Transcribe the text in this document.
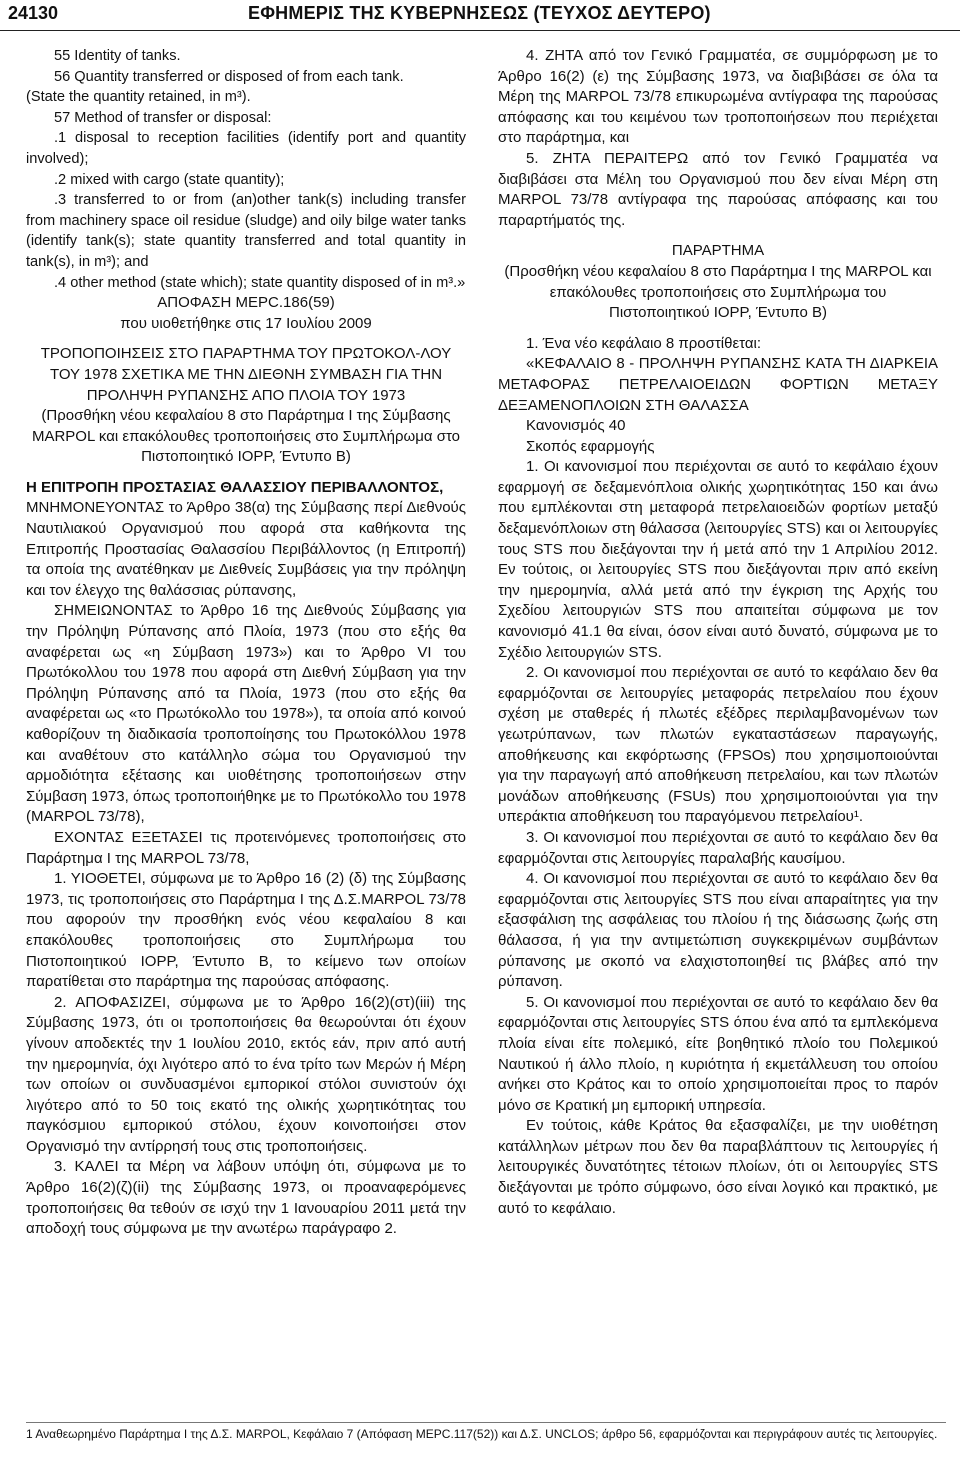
24130	ΕΦΗΜΕΡΙΣ ΤΗΣ ΚΥΒΕΡΝΗΣΕΩΣ (ΤΕΥΧΟΣ ΔΕΥΤΕΡΟ)

55 Identity of tanks.

56 Quantity transferred or disposed of from each tank.

(State the quantity retained, in m³).

57 Method of transfer or disposal:

.1 disposal to reception facilities (identify port and quantity involved);

.2 mixed with cargo (state quantity);

.3 transferred to or from (an)other tank(s) including transfer from machinery space oil residue (sludge) and oily bilge water tanks (identify tank(s); state quantity transferred and total quantity in tank(s), in m³); and

.4 other method (state which); state quantity disposed of in m³.»

ΑΠΟΦΑΣΗ ΜΕΡC.186(59)

που υιοθετήθηκε στις 17 Ιουλίου 2009

ΤΡΟΠΟΠΟΙΗΣΕΙΣ ΣΤΟ ΠΑΡΑΡΤΗΜΑ ΤΟΥ ΠΡΩΤΟΚΟΛ-ΛΟΥ ΤΟΥ 1978 ΣΧΕΤΙΚΑ ΜΕ ΤΗΝ ΔΙΕΘΝΗ ΣΥΜΒΑΣΗ ΓΙΑ ΤΗΝ ΠΡΟΛΗΨΗ ΡΥΠΑΝΣΗΣ ΑΠΟ ΠΛΟΙΑ ΤΟΥ 1973

(Προσθήκη νέου κεφαλαίου 8 στο Παράρτημα Ι της Σύμβασης MARPOL και επακόλουθες τροποποιήσεις στο Συμπλήρωμα στο Πιστοποιητικό IOPP, Έντυπο Β)

Η ΕΠΙΤΡΟΠΗ ΠΡΟΣΤΑΣΙΑΣ ΘΑΛΑΣΣΙΟΥ ΠΕΡΙΒΑΛΛΟΝΤΟΣ,

ΜΝΗΜΟΝΕΥΟΝΤΑΣ το Άρθρο 38(α) της Σύμβασης περί Διεθνούς Ναυτιλιακού Οργανισμού που αφορά στα καθήκοντα της Επιτροπής Προστασίας Θαλασσίου Περιβάλλοντος (η Επιτροπή) τα οποία της ανατέθηκαν με Διεθνείς Συμβάσεις για την πρόληψη και τον έλεγχο της θαλάσσιας ρύπανσης,

ΣΗΜΕΙΩΝΟΝΤΑΣ το Άρθρο 16 της Διεθνούς Σύμβασης για την Πρόληψη Ρύπανσης από Πλοία, 1973 (που στο εξής θα αναφέρεται ως «η Σύμβαση 1973») και το Άρθρο VI του Πρωτόκολλου του 1978 που αφορά στη Διεθνή Σύμβαση για την Πρόληψη Ρύπανσης από τα Πλοία, 1973 (που στο εξής θα αναφέρεται ως «το Πρωτόκολλο του 1978»), τα οποία από κοινού καθορίζουν τη διαδικασία τροποποίησης του Πρωτοκόλλου 1978 και αναθέτουν στο κατάλληλο σώμα του Οργανισμού την αρμοδιότητα εξέτασης και υιοθέτησης τροποποιήσεων στην Σύμβαση 1973, όπως τροποποιήθηκε με το Πρωτόκολλο του 1978 (MARPOL 73/78),

ΕΧΟΝΤΑΣ ΕΞΕΤΑΣΕΙ τις προτεινόμενες τροποποιήσεις στο Παράρτημα Ι της MARPOL 73/78,

1. ΥΙΟΘΕΤΕΙ, σύμφωνα με το Άρθρο 16 (2) (δ) της Σύμβασης 1973, τις τροποποιήσεις στο Παράρτημα Ι της Δ.Σ.MARPOL 73/78 που αφορούν την προσθήκη ενός νέου κεφαλαίου 8 και επακόλουθες τροποποιήσεις στο Συμπλήρωμα του Πιστοποιητικού IOPP, Έντυπο Β, το κείμενο των οποίων παρατίθεται στο παράρτημα της παρούσας απόφασης.

2. ΑΠΟΦΑΣΙΖΕΙ, σύμφωνα με το Άρθρο 16(2)(στ)(iii) της Σύμβασης 1973, ότι οι τροποποιήσεις θα θεωρούνται ότι έχουν γίνουν αποδεκτές την 1 Ιουλίου 2010, εκτός εάν, πριν από αυτή την ημερομηνία, όχι λιγότερο από το ένα τρίτο των Μερών ή Μέρη των οποίων οι συνδυασμένοι εμπορικοί στόλοι συνιστούν όχι λιγότερο από το 50 τοις εκατό της ολικής χωρητικότητας του παγκόσμιου εμπορικού στόλου, έχουν κοινοποιήσει στον Οργανισμό την αντίρρησή τους στις τροποποιήσεις.

3. ΚΑΛΕΙ τα Μέρη να λάβουν υπόψη ότι, σύμφωνα με το Άρθρο 16(2)(ζ)(ii) της Σύμβασης 1973, οι προαναφερόμενες τροποποιήσεις θα τεθούν σε ισχύ την 1 Ιανουαρίου 2011 μετά την αποδοχή τους σύμφωνα με την ανωτέρω παράγραφο 2.

4. ΖΗΤΑ από τον Γενικό Γραμματέα, σε συμμόρφωση με το Άρθρο 16(2) (ε) της Σύμβασης 1973, να διαβιβάσει σε όλα τα Μέρη της MARPOL 73/78 επικυρωμένα αντίγραφα της παρούσας απόφασης και του κειμένου των τροποποιήσεων που περιέχεται στο παράρτημα, και

5. ΖΗΤΑ ΠΕΡΑΙΤΕΡΩ από τον Γενικό Γραμματέα να διαβιβάσει στα Μέλη του Οργανισμού που δεν είναι Μέρη στη MARPOL 73/78 αντίγραφα της παρούσας απόφασης και του παραρτήματός της.

ΠΑΡΑΡΤΗΜΑ

(Προσθήκη νέου κεφαλαίου 8 στο Παράρτημα Ι της MARPOL και επακόλουθες τροποποιήσεις στο Συμπλήρωμα του Πιστοποιητικού IOPP, Έντυπο Β)

1. Ένα νέο κεφάλαιο 8 προστίθεται:

«ΚΕΦΑΛΑΙΟ 8 - ΠΡΟΛΗΨΗ ΡΥΠΑΝΣΗΣ ΚΑΤΑ ΤΗ ΔΙΑΡΚΕΙΑ ΜΕΤΑΦΟΡΑΣ ΠΕΤΡΕΛΑΙΟΕΙΔΩΝ ΦΟΡΤΙΩΝ ΜΕΤΑΞΥ ΔΕΞΑΜΕΝΟΠΛΟΙΩΝ ΣΤΗ ΘΑΛΑΣΣΑ

Κανονισμός 40

Σκοπός εφαρμογής

1. Οι κανονισμοί που περιέχονται σε αυτό το κεφάλαιο έχουν εφαρμογή σε δεξαμενόπλοια ολικής χωρητικότητας 150 και άνω που εμπλέκονται στη μεταφορά πετρελαιοειδών φορτίων μεταξύ δεξαμενόπλοιων στη θάλασσα (λειτουργίες STS) και οι λειτουργίες τους STS που διεξάγονται την ή μετά από την 1 Απριλίου 2012. Εν τούτοις, οι λειτουργίες STS που διεξάγονται πριν από εκείνη την ημερομηνία, αλλά μετά από την έγκριση της Αρχής του Σχεδίου λειτουργιών STS που απαιτείται σύμφωνα με τον κανονισμό 41.1 θα είναι, όσον είναι αυτό δυνατό, σύμφωνα με το Σχέδιο λειτουργιών STS.

2. Οι κανονισμοί που περιέχονται σε αυτό το κεφάλαιο δεν θα εφαρμόζονται σε λειτουργίες μεταφοράς πετρελαίου που έχουν σχέση με σταθερές ή πλωτές εξέδρες περιλαμβανομένων των γεωτρύπανων, των πλωτών εγκαταστάσεων παραγωγής, αποθήκευσης και εκφόρτωσης (FPSOs) που χρησιμοποιούνται για την παραγωγή από αποθήκευση πετρελαίου, και των πλωτών μονάδων αποθήκευσης (FSUs) που χρησιμοποιούνται για την υπεράκτια αποθήκευση του παραγόμενου πετρελαίου¹.

3. Οι κανονισμοί που περιέχονται σε αυτό το κεφάλαιο δεν θα εφαρμόζονται στις λειτουργίες παραλαβής καυσίμου.

4. Οι κανονισμοί που περιέχονται σε αυτό το κεφάλαιο δεν θα εφαρμόζονται στις λειτουργίες STS που είναι απαραίτητες για την εξασφάλιση της ασφάλειας του πλοίου ή της διάσωσης ζωής στη θάλασσα, ή για την αντιμετώπιση συγκεκριμένων συμβάντων ρύπανσης με σκοπό να ελαχιστοποιηθεί τις βλάβες από την ρύπανση.

5. Οι κανονισμοί που περιέχονται σε αυτό το κεφάλαιο δεν θα εφαρμόζονται στις λειτουργίες STS όπου ένα από τα εμπλεκόμενα πλοία είναι είτε πολεμικό, είτε βοηθητικό πλοίο του Πολεμικού Ναυτικού ή άλλο πλοίο, η κυριότητα ή εκμετάλλευση του οποίου ανήκει στο Κράτος και το οποίο χρησιμοποιείται προς το παρόν μόνο σε Κρατική μη εμπορική υπηρεσία.

Εν τούτοις, κάθε Κράτος θα εξασφαλίζει, με την υιοθέτηση κατάλληλων μέτρων που δεν θα παραβλάπτουν τις λειτουργίες ή λειτουργικές δυνατότητες τέτοιων πλοίων, ότι οι λειτουργίες STS διεξάγονται με τρόπο σύμφωνο, όσο είναι λογικό και πρακτικό, με αυτό το κεφάλαιο.

1 Αναθεωρημένο Παράρτημα Ι της Δ.Σ. MARPOL, Κεφάλαιο 7 (Απόφαση ΜΕΡC.117(52)) και Δ.Σ. UNCLOS; άρθρο 56, εφαρμόζονται και περιγράφουν αυτές τις λειτουργίες.
